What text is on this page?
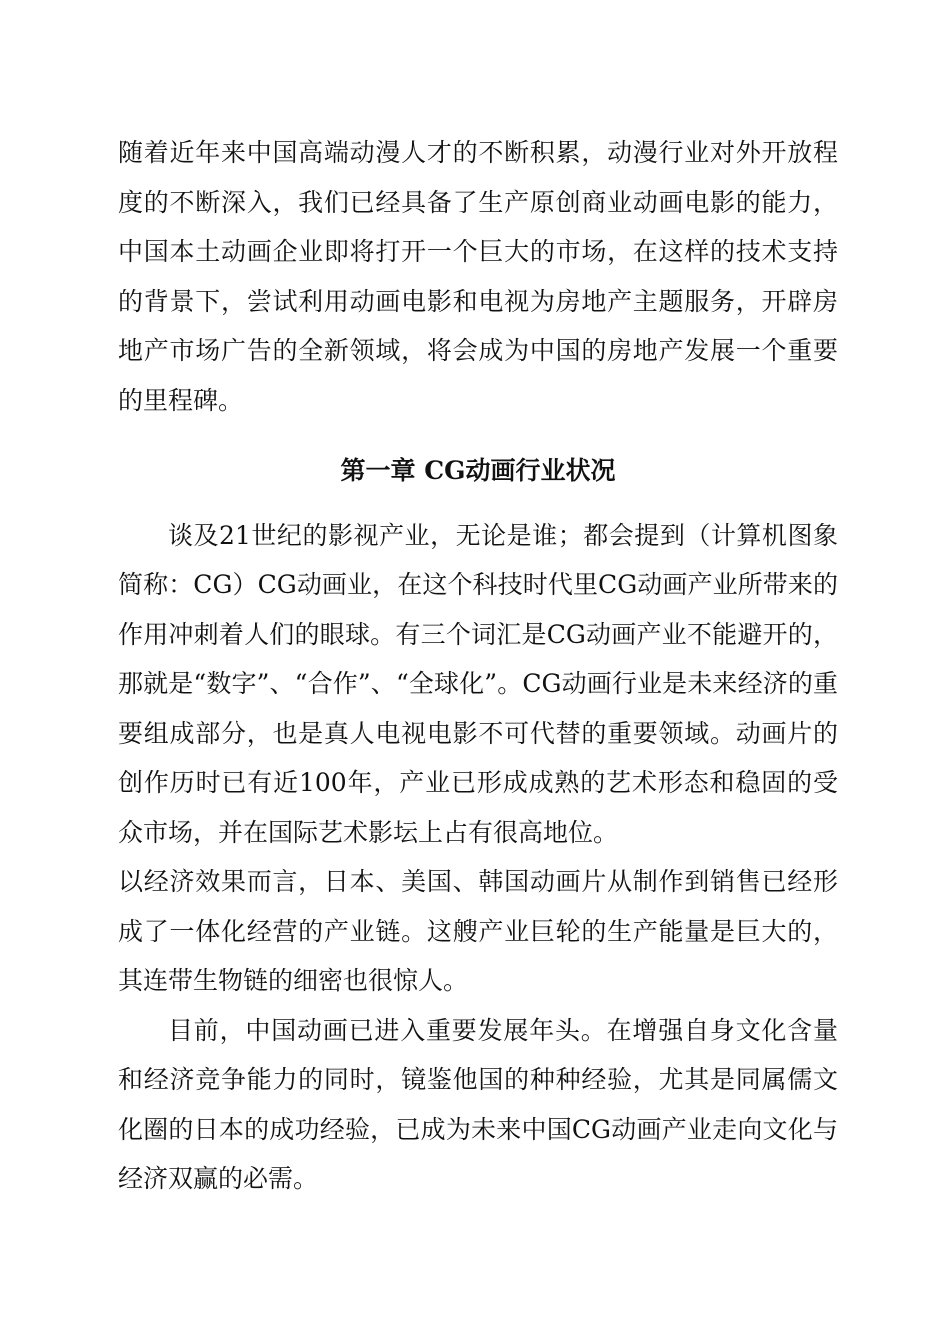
随着近年来中国高端动漫人才的不断积累，动漫行业对外开放程度的不断深入，我们已经具备了生产原创商业动画电影的能力，中国本土动画企业即将打开一个巨大的市场，在这样的技术支持的背景下，尝试利用动画电影和电视为房地产主题服务，开辟房地产市场广告的全新领域，将会成为中国的房地产发展一个重要的里程碑。

第一章 CG动画行业状况

谈及21世纪的影视产业，无论是谁；都会提到（计算机图象简称：CG）CG动画业，在这个科技时代里CG动画产业所带来的作用冲刺着人们的眼球。有三个词汇是CG动画产业不能避开的，那就是“数字”、“合作”、“全球化”。CG动画行业是未来经济的重要组成部分，也是真人电视电影不可代替的重要领域。动画片的创作历时已有近100年，产业已形成成熟的艺术形态和稳固的受众市场，并在国际艺术影坛上占有很高地位。

以经济效果而言，日本、美国、韩国动画片从制作到销售已经形成了一体化经营的产业链。这艘产业巨轮的生产能量是巨大的，其连带生物链的细密也很惊人。

目前，中国动画已进入重要发展年头。在增强自身文化含量和经济竞争能力的同时，镜鉴他国的种种经验，尤其是同属儒文化圈的日本的成功经验，已成为未来中国CG动画产业走向文化与经济双赢的必需。
